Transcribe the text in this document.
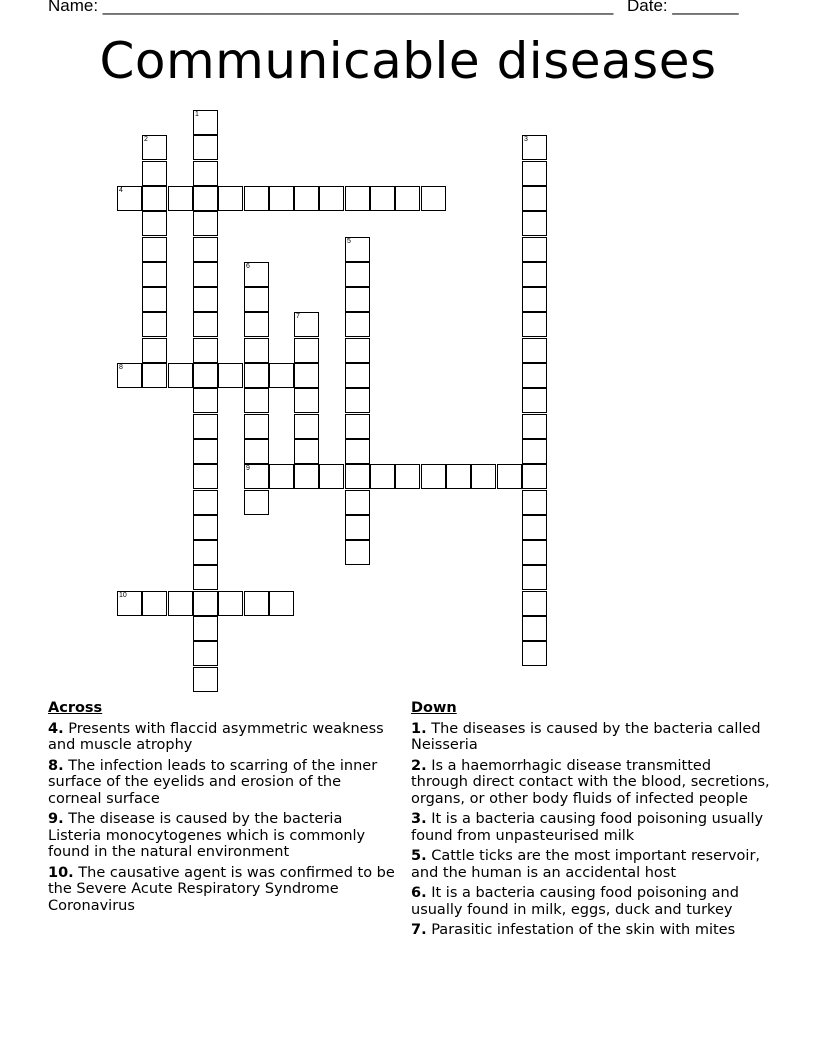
Name: ______________________________________________________ Date: _______
Communicable diseases
1
2	3
4
5
6
9
7
8
10
Across
4. Presents with flaccid asymmetric weakness and muscle atrophy
8. The infection leads to scarring of the inner surface of the eyelids and erosion of the corneal surface
9. The disease is caused by the bacteria Listeria monocytogenes which is commonly found in the natural environment
10. The causative agent is was confirmed to be the Severe Acute Respiratory Syndrome Coronavirus
Down
1. The diseases is caused by the bacteria called Neisseria
2. Is a haemorrhagic disease transmitted through direct contact with the blood, secretions, organs, or other body fluids of infected people
3. It is a bacteria causing food poisoning usually found from unpasteurised milk
5. Cattle ticks are the most important reservoir, and the human is an accidental host
6. It is a bacteria causing food poisoning and usually found in milk, eggs, duck and turkey
7. Parasitic infestation of the skin with mites
